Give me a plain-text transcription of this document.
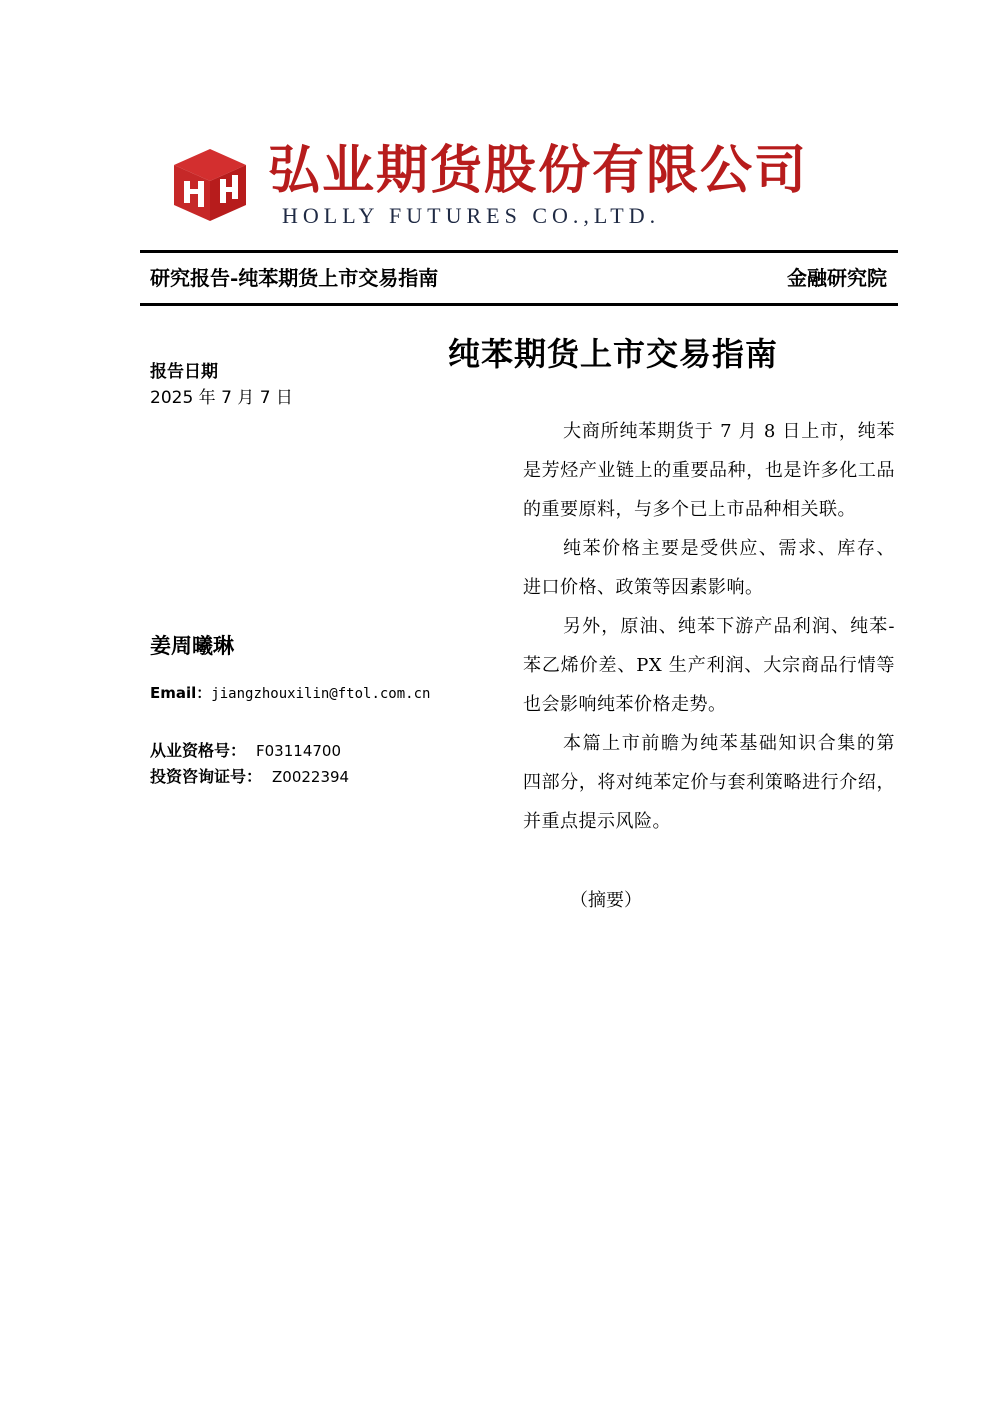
弘业期货股份有限公司
HOLLY FUTURES CO.,LTD.
研究报告-纯苯期货上市交易指南	金融研究院
纯苯期货上市交易指南
报告日期
2025 年 7 月 7 日
姜周曦琳
Email：jiangzhouxilin@ftol.com.cn
从业资格号： F03114700
投资咨询证号： Z0022394

大商所纯苯期货于 7 月 8 日上市，纯苯是芳烃产业链上的重要品种，也是许多化工品的重要原料，与多个已上市品种相关联。

纯苯价格主要是受供应、需求、库存、进口价格、政策等因素影响。

另外，原油、纯苯下游产品利润、纯苯-苯乙烯价差、PX 生产利润、大宗商品行情等也会影响纯苯价格走势。

本篇上市前瞻为纯苯基础知识合集的第四部分，将对纯苯定价与套利策略进行介绍，并重点提示风险。

（摘要）
